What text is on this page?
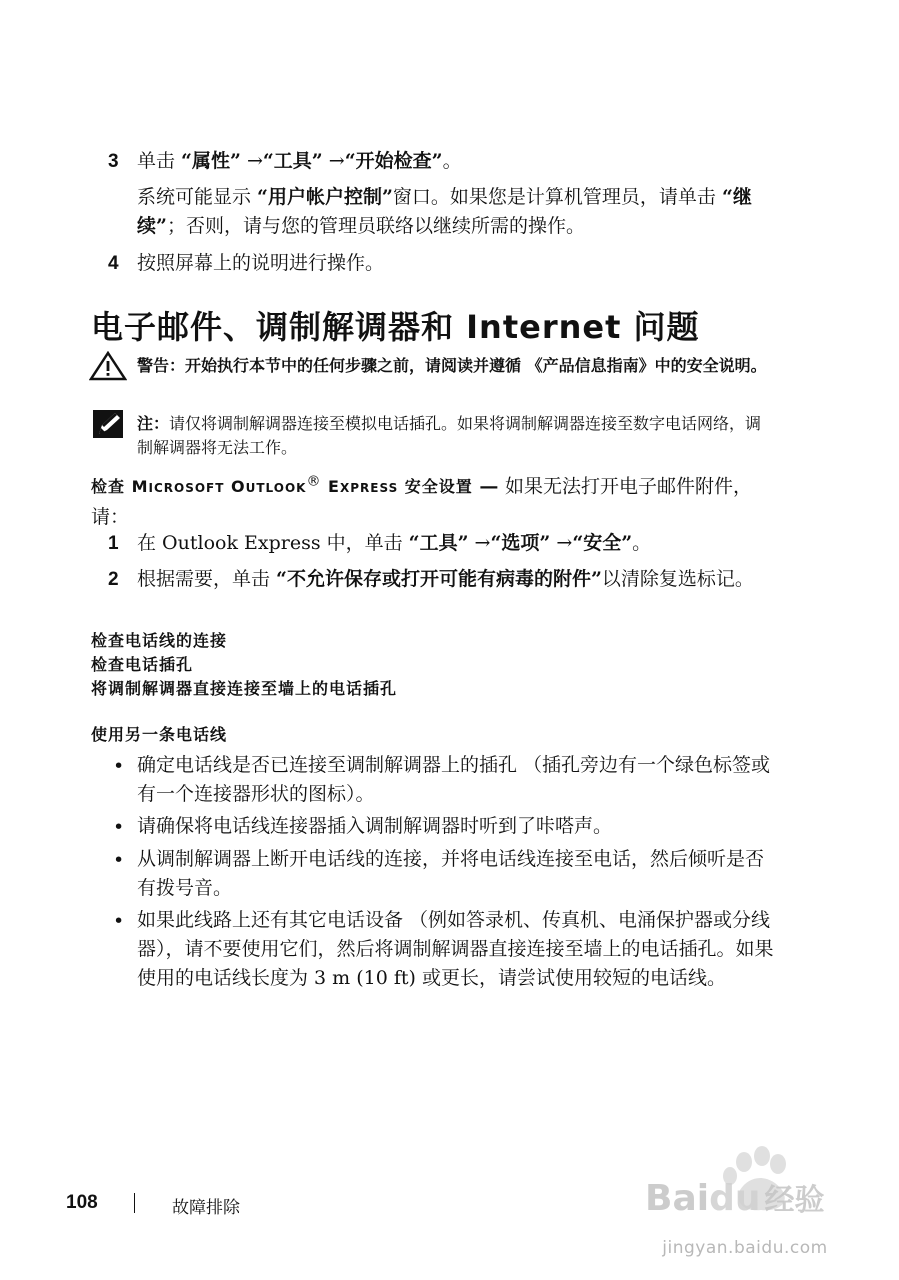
3 单击 “属性” →“工具” →“开始检查”。
系统可能显示 “用户帐户控制”窗口。如果您是计算机管理员，请单击 “继续”；否则，请与您的管理员联络以继续所需的操作。
4 按照屏幕上的说明进行操作。
电子邮件、调制解调器和 Internet 问题
警告：开始执行本节中的任何步骤之前，请阅读并遵循 《产品信息指南》中的安全说明。
注：请仅将调制解调器连接至模拟电话插孔。如果将调制解调器连接至数字电话网络，调制解调器将无法工作。
检查 MICROSOFT OUTLOOK® EXPRESS 安全设置 — 如果无法打开电子邮件附件，请：
1 在 Outlook Express 中，单击 “工具” →“选项” →“安全”。
2 根据需要，单击 “不允许保存或打开可能有病毒的附件”以清除复选标记。
检查电话线的连接
检查电话插孔
将调制解调器直接连接至墙上的电话插孔
使用另一条电话线
• 确定电话线是否已连接至调制解调器上的插孔 （插孔旁边有一个绿色标签或有一个连接器形状的图标）。
• 请确保将电话线连接器插入调制解调器时听到了咔嗒声。
• 从调制解调器上断开电话线的连接，并将电话线连接至电话，然后倾听是否有拨号音。
• 如果此线路上还有其它电话设备 （例如答录机、传真机、电涌保护器或分线器），请不要使用它们，然后将调制解调器直接连接至墙上的电话插孔。如果使用的电话线长度为 3 m (10 ft) 或更长，请尝试使用较短的电话线。
108	故障排除	Baidu 经验
jingyan.baidu.com
